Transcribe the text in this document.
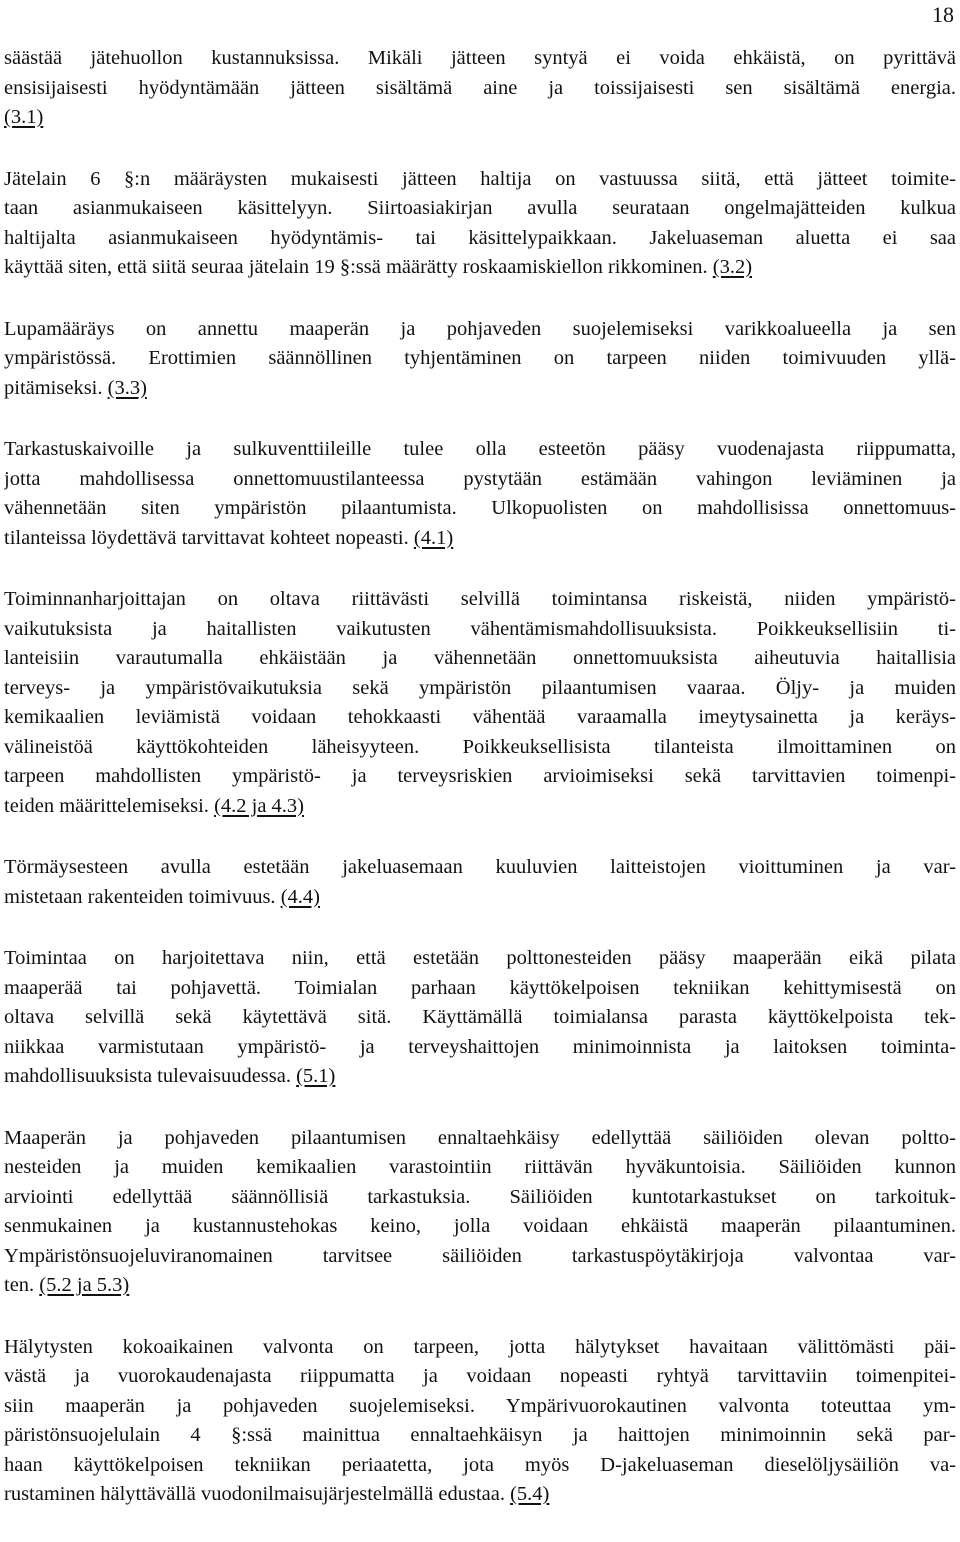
18
säästää jätehuollon kustannuksissa. Mikäli jätteen syntyä ei voida ehkäistä, on pyrittävä
ensisijaisesti hyödyntämään jätteen sisältämä aine ja toissijaisesti sen sisältämä energia.
(3.1)
Jätelain 6 §:n määräysten mukaisesti jätteen haltija on vastuussa siitä, että jätteet toimite-
taan asianmukaiseen käsittelyyn. Siirtoasiakirjan avulla seurataan ongelmajätteiden kulkua
haltijalta asianmukaiseen hyödyntämis- tai käsittelypaikkaan. Jakeluaseman aluetta ei saa
käyttää siten, että siitä seuraa jätelain 19 §:ssä määrätty roskaamiskiellon rikkominen. (3.2)
Lupamääräys on annettu maaperän ja pohjaveden suojelemiseksi varikkoalueella ja sen
ympäristössä. Erottimien säännöllinen tyhjentäminen on tarpeen niiden toimivuuden yllä-
pitämiseksi. (3.3)
Tarkastuskaivoille ja sulkuventtiileille tulee olla esteetön pääsy vuodenajasta riippumatta,
jotta mahdollisessa onnettomuustilanteessa pystytään estämään vahingon leviäminen ja
vähennetään siten ympäristön pilaantumista. Ulkopuolisten on mahdollisissa onnettomuus-
tilanteissa löydettävä tarvittavat kohteet nopeasti. (4.1)
Toiminnanharjoittajan on oltava riittävästi selvillä toimintansa riskeistä, niiden ympäristö-
vaikutuksista ja haitallisten vaikutusten vähentämismahdollisuuksista. Poikkeuksellisiin ti-
lanteisiin varautumalla ehkäistään ja vähennetään onnettomuuksista aiheutuvia haitallisia
terveys- ja ympäristövaikutuksia sekä ympäristön pilaantumisen vaaraa. Öljy- ja muiden
kemikaalien leviämistä voidaan tehokkaasti vähentää varaamalla imeytysainetta ja keräys-
välineistöä käyttökohteiden läheisyyteen. Poikkeuksellisista tilanteista ilmoittaminen on
tarpeen mahdollisten ympäristö- ja terveysriskien arvioimiseksi sekä tarvittavien toimenpi-
teiden määrittelemiseksi. (4.2 ja 4.3)
Törmäysesteen avulla estetään jakeluasemaan kuuluvien laitteistojen vioittuminen ja var-
mistetaan rakenteiden toimivuus. (4.4)
Toimintaa on harjoitettava niin, että estetään polttonesteiden pääsy maaperään eikä pilata
maaperää tai pohjavettä. Toimialan parhaan käyttökelpoisen tekniikan kehittymisestä on
oltava selvillä sekä käytettävä sitä. Käyttämällä toimialansa parasta käyttökelpoista tek-
niikkaa varmistutaan ympäristö- ja terveyshaittojen minimoinnista ja laitoksen toiminta-
mahdollisuuksista tulevaisuudessa. (5.1)
Maaperän ja pohjaveden pilaantumisen ennaltaehkäisy edellyttää säiliöiden olevan poltto-
nesteiden ja muiden kemikaalien varastointiin riittävän hyväkuntoisia. Säiliöiden kunnon
arviointi edellyttää säännöllisiä tarkastuksia. Säiliöiden kuntotarkastukset on tarkoituk-
senmukainen ja kustannustehokas keino, jolla voidaan ehkäistä maaperän pilaantuminen.
Ympäristönsuojeluviranomainen tarvitsee säiliöiden tarkastuspöytäkirjoja valvontaa var-
ten. (5.2 ja 5.3)
Hälytysten kokoaikainen valvonta on tarpeen, jotta hälytykset havaitaan välittömästi päi-
västä ja vuorokaudenajasta riippumatta ja voidaan nopeasti ryhtyä tarvittaviin toimenpitei-
siin maaperän ja pohjaveden suojelemiseksi. Ympärivuorokautinen valvonta toteuttaa ym-
päristönsuojelulain 4 §:ssä mainittua ennaltaehkäisyn ja haittojen minimoinnin sekä par-
haan käyttökelpoisen tekniikan periaatetta, jota myös D-jakeluaseman dieselöljysäiliön va-
rustaminen hälyttävällä vuodonilmaisujärjestelmällä edustaa. (5.4)
